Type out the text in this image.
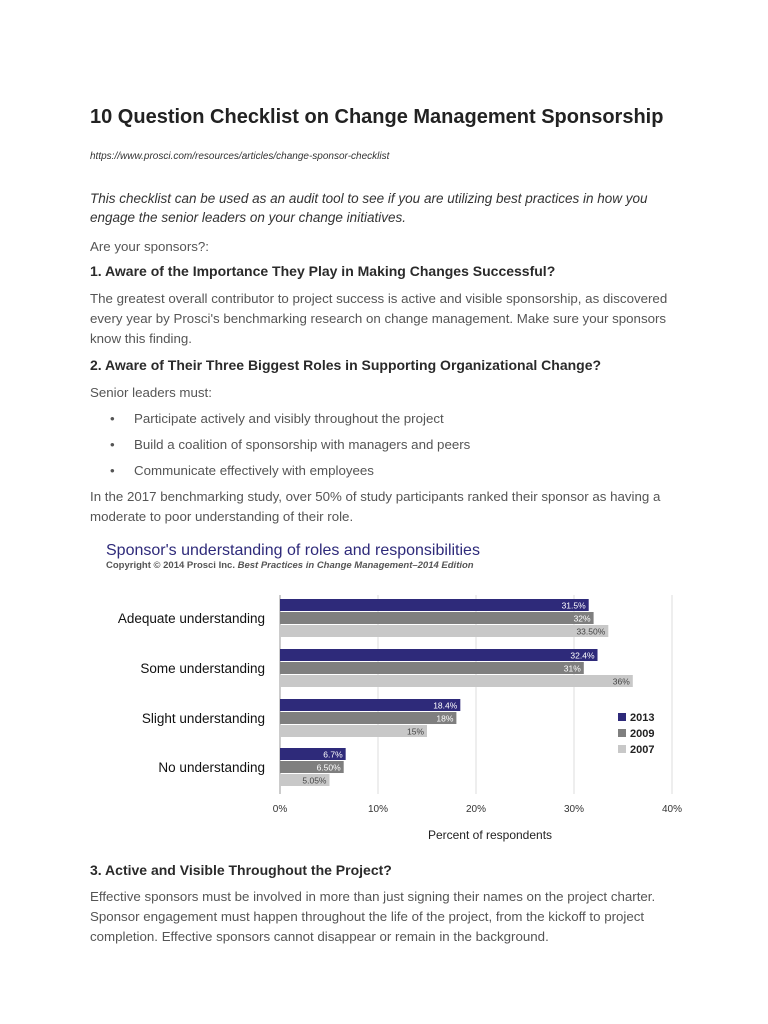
10 Question Checklist on Change Management Sponsorship
https://www.prosci.com/resources/articles/change-sponsor-checklist
This checklist can be used as an audit tool to see if you are utilizing best practices in how you engage the senior leaders on your change initiatives.
Are your sponsors?:
1. Aware of the Importance They Play in Making Changes Successful?
The greatest overall contributor to project success is active and visible sponsorship, as discovered every year by Prosci's benchmarking research on change management. Make sure your sponsors know this finding.
2. Aware of Their Three Biggest Roles in Supporting Organizational Change?
Senior leaders must:
• Participate actively and visibly throughout the project
• Build a coalition of sponsorship with managers and peers
• Communicate effectively with employees
In the 2017 benchmarking study, over 50% of study participants ranked their sponsor as having a moderate to poor understanding of their role.
3. Active and Visible Throughout the Project?
Effective sponsors must be involved in more than just signing their names on the project charter. Sponsor engagement must happen throughout the life of the project, from the kickoff to project completion. Effective sponsors cannot disappear or remain in the background.
Sponsor's understanding of roles and responsibilities
Copyright © 2014 Prosci Inc. Best Practices in Change Management–2014 Edition
31.5%
32%
33.50%
32.4%
31%
36%
18.4%
18%
15%
6.7%
6.50%
5.05%
Adequate understanding
Some understanding
Slight understanding
No understanding
0%	10%	20%	30%	40%
2013
2009
2007
Percent of respondents
